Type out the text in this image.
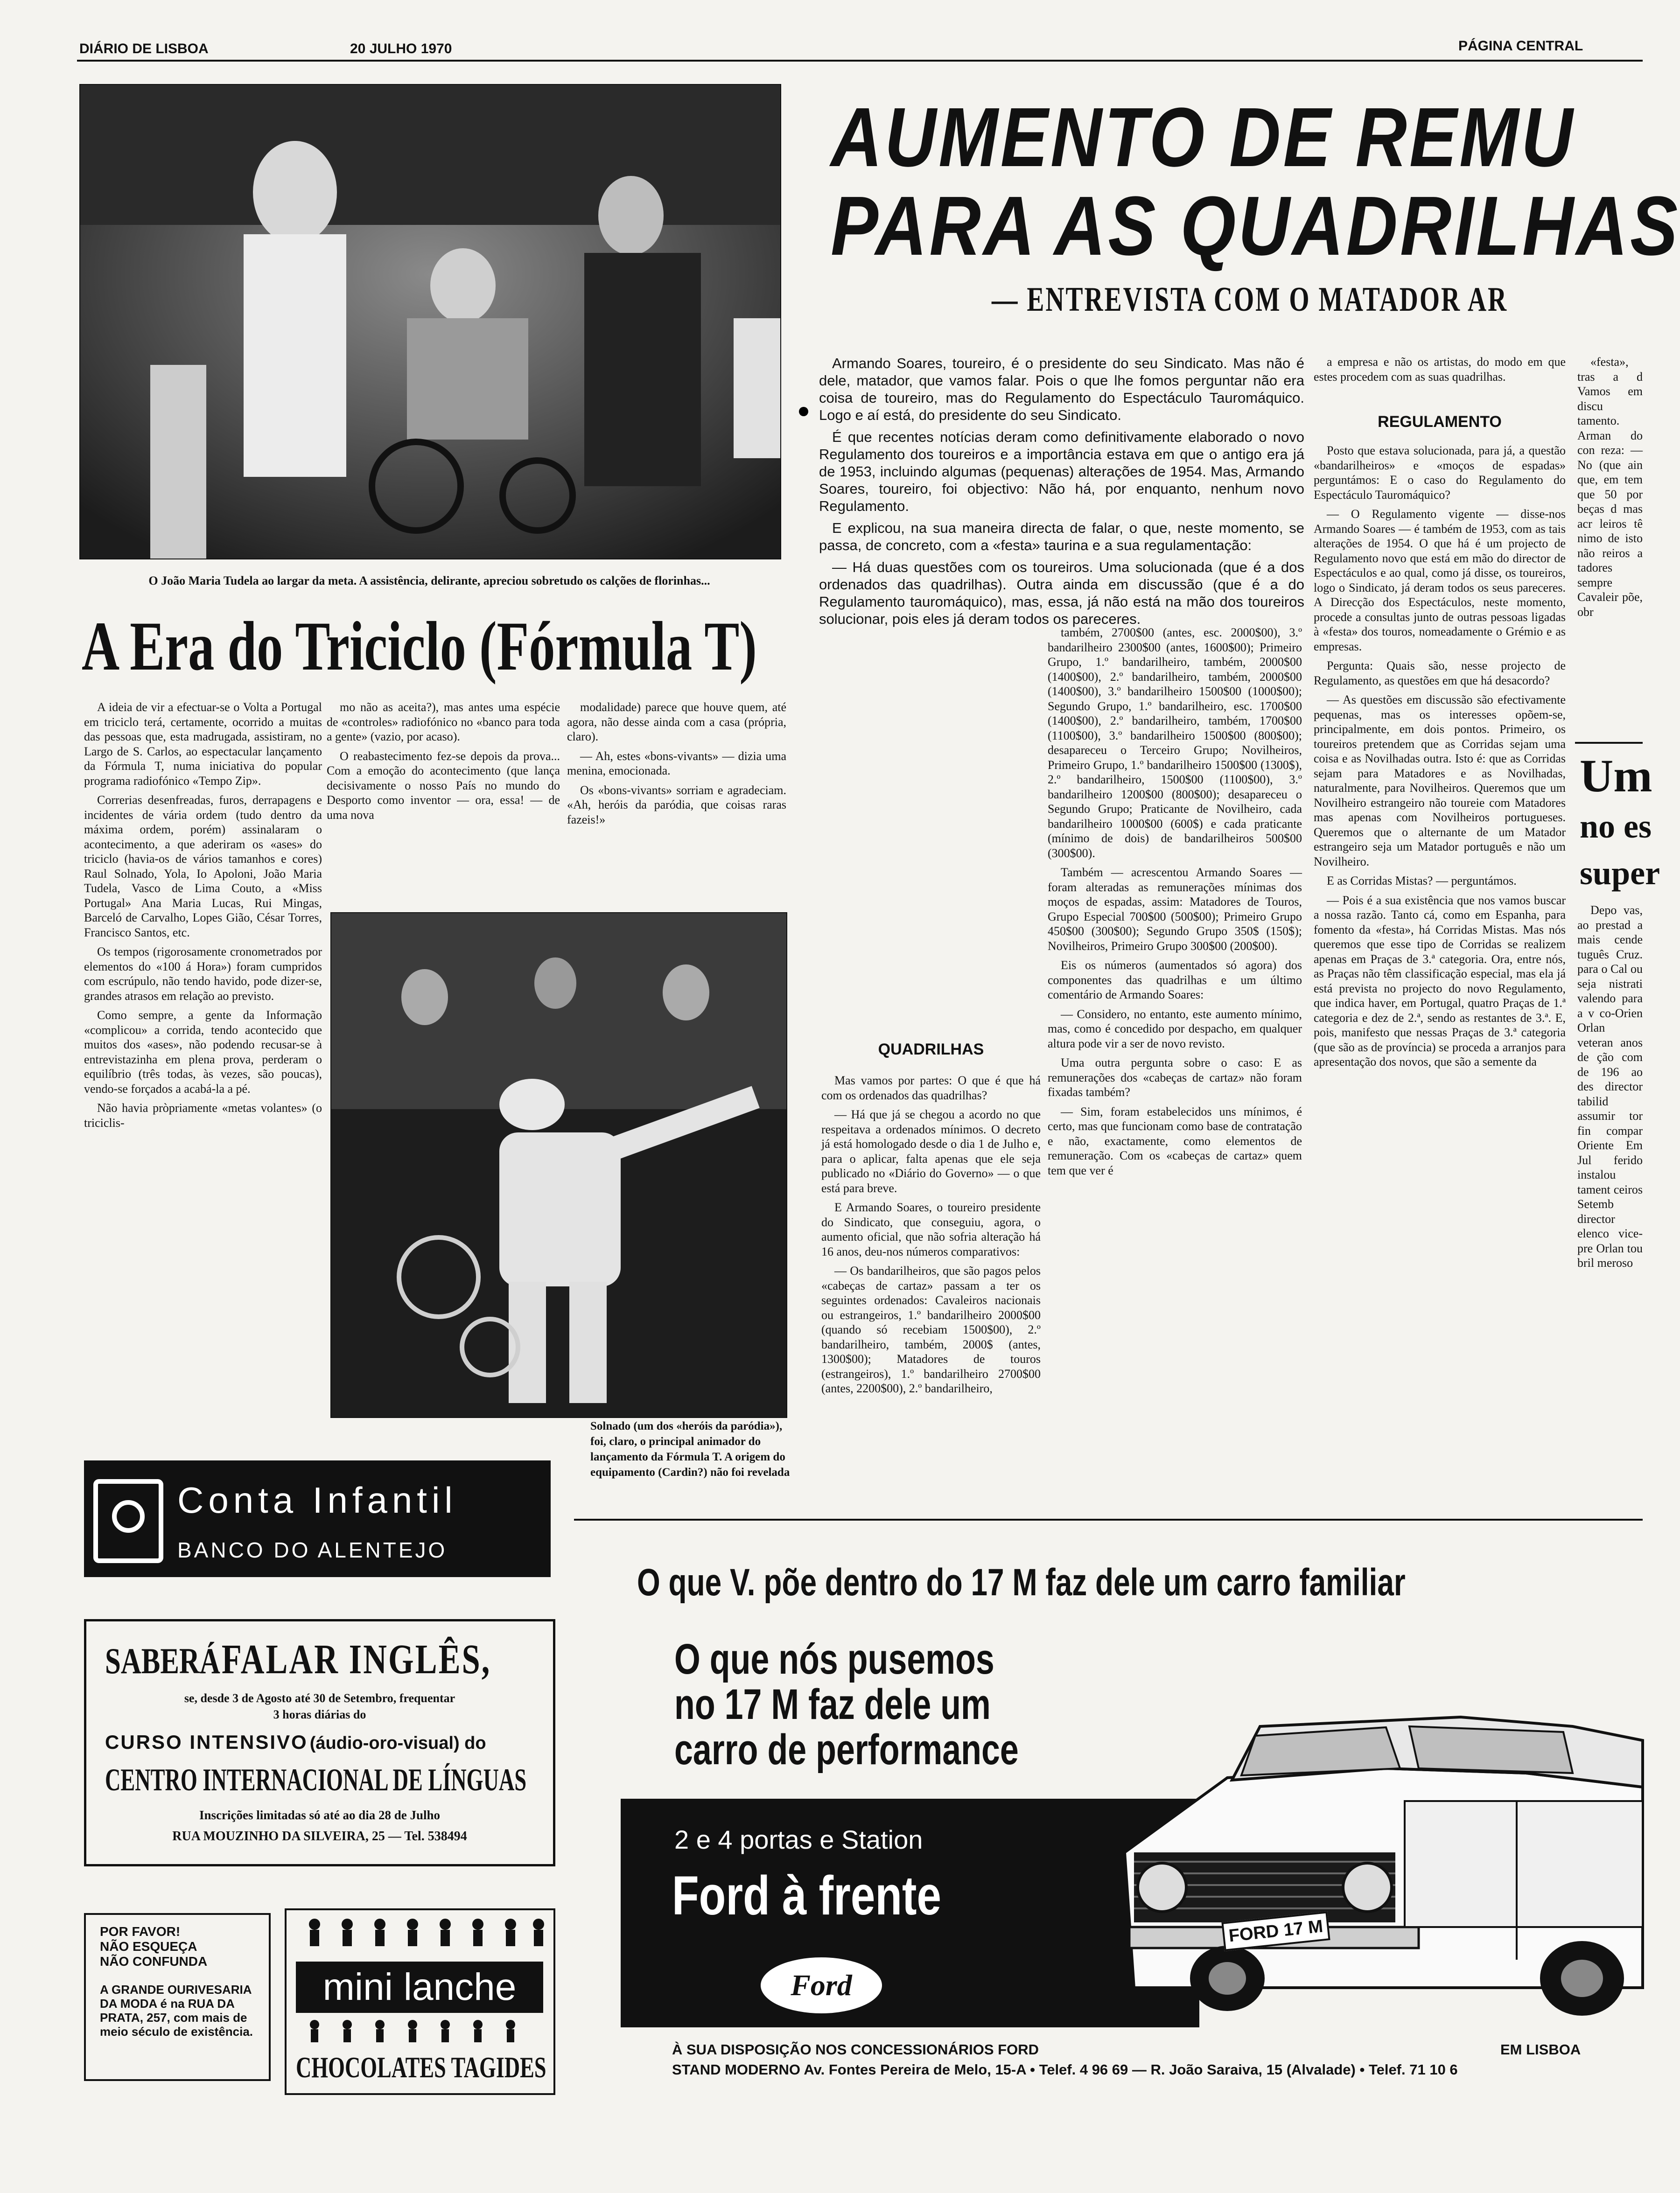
DIÁRIO DE LISBOA	20 JULHO 1970	PÁGINA CENTRAL
O João Maria Tudela ao largar da meta. A assistência, delirante, apreciou sobretudo os calções de florinhas...
A Era do Triciclo (Fórmula T)

A ideia de vir a efectuar-se o Volta a Portugal em triciclo terá, certamente, ocorrido a muitas das pessoas que, esta madrugada, assistiram, no Largo de S. Carlos, ao espectacular lançamento da Fórmula T, numa iniciativa do popular programa radiofónico «Tempo Zip».

Correrias desenfreadas, furos, derrapagens e incidentes de vária ordem (tudo dentro da máxima ordem, porém) assinalaram o acontecimento, a que aderiram os «ases» do triciclo (havia-os de vários tamanhos e cores) Raul Solnado, Yola, Io Apoloni, João Maria Tudela, Vasco de Lima Couto, a «Miss Portugal» Ana Maria Lucas, Rui Mingas, Barceló de Carvalho, Lopes Gião, César Torres, Francisco Santos, etc.

Os tempos (rigorosamente cronometrados por elementos do «100 á Hora») foram cumpridos com escrúpulo, não tendo havido, pode dizer-se, grandes atrasos em relação ao previsto.

Como sempre, a gente da Informação «complicou» a corrida, tendo acontecido que muitos dos «ases», não podendo recusar-se à entrevistazinha em plena prova, perderam o equilíbrio (três todas, às vezes, são poucas), vendo-se forçados a acabá-la a pé.

Não havia pròpriamente «metas volantes» (o triciclis-

mo não as aceita?), mas antes uma espécie de «controles» radiofónico no «banco para toda a gente» (vazio, por acaso).

O reabastecimento fez-se depois da prova... Com a emoção do acontecimento (que lança decisivamente o nosso País no mundo do Desporto como inventor — ora, essa! — de uma nova

modalidade) parece que houve quem, até agora, não desse ainda com a casa (própria, claro).

— Ah, estes «bons-vivants» — dizia uma menina, emocionada.

Os «bons-vivants» sorriam e agradeciam. «Ah, heróis da paródia, que coisas raras fazeis!»

Solnado (um dos «heróis da paródia»), foi, claro, o principal animador do lançamento da Fórmula T. A origem do equipamento (Cardin?) não foi revelada
AUMENTO DE REMU
PARA AS QUADRILHAS
— ENTREVISTA COM O MATADOR AR

Armando Soares, toureiro, é o presidente do seu Sindicato. Mas não é dele, matador, que vamos falar. Pois o que lhe fomos perguntar não era coisa de toureiro, mas do Regulamento do Espectáculo Tauromáquico. Logo e aí está, do presidente do seu Sindicato.

É que recentes notícias deram como definitivamente elaborado o novo Regulamento dos toureiros e a importância estava em que o antigo era já de 1953, incluindo algumas (pequenas) alterações de 1954. Mas, Armando Soares, toureiro, foi objectivo: Não há, por enquanto, nenhum novo Regulamento.

E explicou, na sua maneira directa de falar, o que, neste momento, se passa, de concreto, com a «festa» taurina e a sua regulamentação:

— Há duas questões com os toureiros. Uma solucionada (que é a dos ordenados das quadrilhas). Outra ainda em discussão (que é a do Regulamento tauromáquico), mas, essa, já não está na mão dos toureiros solucionar, pois eles já deram todos os pareceres.

QUADRILHAS

Mas vamos por partes: O que é que há com os ordenados das quadrilhas?

— Há que já se chegou a acordo no que respeitava a ordenados mínimos. O decreto já está homologado desde o dia 1 de Julho e, para o aplicar, falta apenas que ele seja publicado no «Diário do Governo» — o que está para breve.

E Armando Soares, o toureiro presidente do Sindicato, que conseguiu, agora, o aumento oficial, que não sofria alteração há 16 anos, deu-nos números comparativos:

— Os bandarilheiros, que são pagos pelos «cabeças de cartaz» passam a ter os seguintes ordenados: Cavaleiros nacionais ou estrangeiros, 1.º bandarilheiro 2000$00 (quando só recebiam 1500$00), 2.º bandarilheiro, também, 2000$ (antes, 1300$00); Matadores de touros (estrangeiros), 1.º bandarilheiro 2700$00 (antes, 2200$00), 2.º bandarilheiro,

também, 2700$00 (antes, esc. 2000$00), 3.º bandarilheiro 2300$00 (antes, 1600$00); Primeiro Grupo, 1.º bandarilheiro, também, 2000$00 (1400$00), 2.º bandarilheiro, também, 2000$00 (1400$00), 3.º bandarilheiro 1500$00 (1000$00); Segundo Grupo, 1.º bandarilheiro, esc. 1700$00 (1400$00), 2.º bandarilheiro, também, 1700$00 (1100$00), 3.º bandarilheiro 1500$00 (800$00); desapareceu o Terceiro Grupo; Novilheiros, Primeiro Grupo, 1.º bandarilheiro 1500$00 (1300$), 2.º bandarilheiro, 1500$00 (1100$00), 3.º bandarilheiro 1200$00 (800$00); desapareceu o Segundo Grupo; Praticante de Novilheiro, cada bandarilheiro 1000$00 (600$) e cada praticante (mínimo de dois) de bandarilheiros 500$00 (300$00).

Também — acrescentou Armando Soares — foram alteradas as remunerações mínimas dos moços de espadas, assim: Matadores de Touros, Grupo Especial 700$00 (500$00); Primeiro Grupo 450$00 (300$00); Segundo Grupo 350$ (150$); Novilheiros, Primeiro Grupo 300$00 (200$00).

Eis os números (aumentados só agora) dos componentes das quadrilhas e um último comentário de Armando Soares:

— Considero, no entanto, este aumento mínimo, mas, como é concedido por despacho, em qualquer altura pode vir a ser de novo revisto.

Uma outra pergunta sobre o caso: E as remunerações dos «cabeças de cartaz» não foram fixadas também?

— Sim, foram estabelecidos uns mínimos, é certo, mas que funcionam como base de contratação e não, exactamente, como elementos de remuneração. Com os «cabeças de cartaz» quem tem que ver é

a empresa e não os artistas, do modo em que estes procedem com as suas quadrilhas.

REGULAMENTO

Posto que estava solucionada, para já, a questão «bandarilheiros» e «moços de espadas» perguntámos: E o caso do Regulamento do Espectáculo Tauromáquico?

— O Regulamento vigente — disse-nos Armando Soares — é também de 1953, com as tais alterações de 1954. O que há é um projecto de Regulamento novo que está em mão do director de Espectáculos e ao qual, como já disse, os toureiros, logo o Sindicato, já deram todos os seus pareceres. A Direcção dos Espectáculos, neste momento, procede a consultas junto de outras pessoas ligadas à «festa» dos touros, nomeadamente o Grémio e as empresas.

Pergunta: Quais são, nesse projecto de Regulamento, as questões em que há desacordo?

— As questões em discussão são efectivamente pequenas, mas os interesses opõem-se, principalmente, em dois pontos. Primeiro, os toureiros pretendem que as Corridas sejam uma coisa e as Novilhadas outra. Isto é: que as Corridas sejam para Matadores e as Novilhadas, naturalmente, para Novilheiros. Queremos que um Novilheiro estrangeiro não toureie com Matadores mas apenas com Novilheiros portugueses. Queremos que o alternante de um Matador estrangeiro seja um Matador português e não um Novilheiro.

E as Corridas Mistas? — perguntámos.

— Pois é a sua existência que nos vamos buscar a nossa razão. Tanto cá, como em Espanha, para fomento da «festa», há Corridas Mistas. Mas nós queremos que esse tipo de Corridas se realizem apenas em Praças de 3.ª categoria. Ora, entre nós, as Praças não têm classificação especial, mas ela já está prevista no projecto do novo Regulamento, que indica haver, em Portugal, quatro Praças de 1.ª categoria e dez de 2.ª, sendo as restantes de 3.ª. E, pois, manifesto que nessas Praças de 3.ª categoria (que são as de província) se proceda a arranjos para apresentação dos novos, que são a semente da

«festa», tras a d Vamos em discu tamento. Arman do con reza: — No (que ain que, em tem que 50 por beças d mas acr leiros tê nimo de isto não reiros a tadores sempre Cavaleir põe, obr

Um
no es
super

Depo vas, ao prestad a mais cende tuguês Cruz. para o Cal ou seja nistrati valendo para a v co-Orien Orlan veteran anos de ção com de 196 ao des director tabilid assumir tor fin compar Oriente Em Jul ferido instalou tament ceiros Setemb director elenco vice-pre Orlan tou bril meroso

Conta Infantil
BANCO DO ALENTEJO
SABERÁ FALAR INGLÊS,
se, desde 3 de Agosto até 30 de Setembro, frequentar
3 horas diárias do
CURSO INTENSIVO (áudio-oro-visual) do
CENTRO INTERNACIONAL DE LÍNGUAS
Inscrições limitadas só até ao dia 28 de Julho
RUA MOUZINHO DA SILVEIRA, 25 — Tel. 538494
POR FAVOR!
NÃO ESQUEÇA
NÃO CONFUNDA
A GRANDE OURIVESARIA DA MODA é na RUA DA PRATA, 257, com mais de meio século de existência.
mini lanche
CHOCOLATES TAGIDES
O que V. põe dentro do 17 M faz dele um carro familiar
O que nós pusemos
no 17 M faz dele um
carro de performance
2 e 4 portas e Station
Ford à frente
Ford
FORD 17 M
À SUA DISPOSIÇÃO NOS CONCESSIONÁRIOS FORD	EM LISBOA
STAND MODERNO Av. Fontes Pereira de Melo, 15-A • Telef. 4 96 69 — R. João Saraiva, 15 (Alvalade) • Telef. 71 10 6
